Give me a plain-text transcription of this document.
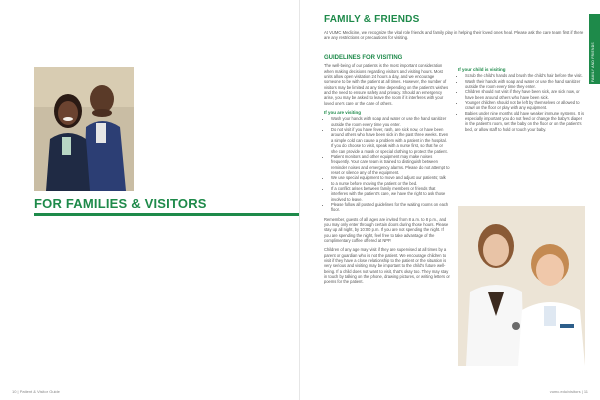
FOR FAMILIES & VISITORS
10 | Patient & Visitor Guide
FAMILY & FRIENDS
At VUMC Medicine, we recognize the vital role friends and family play in helping their loved ones heal. Please ask the care team first if there are any restrictions or precautions for visiting.
GUIDELINES FOR VISITING

The well-being of our patients is the most important consideration when making decisions regarding visitors and visiting hours. Most units allow open visitation 24 hours a day, and we encourage someone to be with the patient at all times. However, the number of visitors may be limited at any time depending on the patient's wishes and the need to ensure safety and privacy. Should an emergency arise, you may be asked to leave the room if it interferes with your loved one's care or the care of others.

If you are visiting
• Wash your hands with soap and water or use the hand sanitizer outside the room every time you enter.
• Do not visit if you have fever, rash, are sick now, or have been around others who have been sick in the past three weeks. Even a simple cold can cause a problem with a patient in the hospital. If you do choose to visit, speak with a nurse first, so that he or she can provide a mask or special clothing to protect the patient.
• Patient monitors and other equipment may make noises frequently. Your care team is trained to distinguish between reminder noises and emergency alarms. Please do not attempt to reset or silence any of the equipment.
• We use special equipment to move and adjust our patients; talk to a nurse before moving the patient or the bed.
• If a conflict arises between family members or friends that interferes with the patient's care, we have the right to ask those involved to leave.
• Please follow all posted guidelines for the waiting rooms on each floor.

Remember, guests of all ages are invited from 8 a.m. to 8 p.m., and you may only enter through certain doors during those hours. Please stay up all night, by 10:00 p.m. If you are not spending the night. If you are spending the night, feel free to take advantage of the complimentary coffee offered at NPP.

Children of any age may visit if they are supervised at all times by a parent or guardian who is not the patient. We encourage children to visit if they have a close relationship to the patient or the situation is very serious and visiting may be important to the child's future well-being. If a child does not want to visit, that's okay too. They may stay in touch by talking on the phone, drawing pictures, or writing letters or poems for the patient.

If your child is visiting
• Scrub the child's hands and brush the child's hair before the visit.
• Wash their hands with soap and water or use the hand sanitizer outside the room every time they enter.
• Children should not visit if they have been sick, are sick now, or have been around others who have been sick.
• Younger children should not be left by themselves or allowed to crawl on the floor or play with any equipment.
• Babies under nine months old have weaker immune systems. It is especially important you do not feed or change the baby's diaper in the patient's room, set the baby on the floor or on the patient's bed, or allow staff to hold or touch your baby.
FAMILY AND FRIENDS
vumc.edu/visitors | 11
